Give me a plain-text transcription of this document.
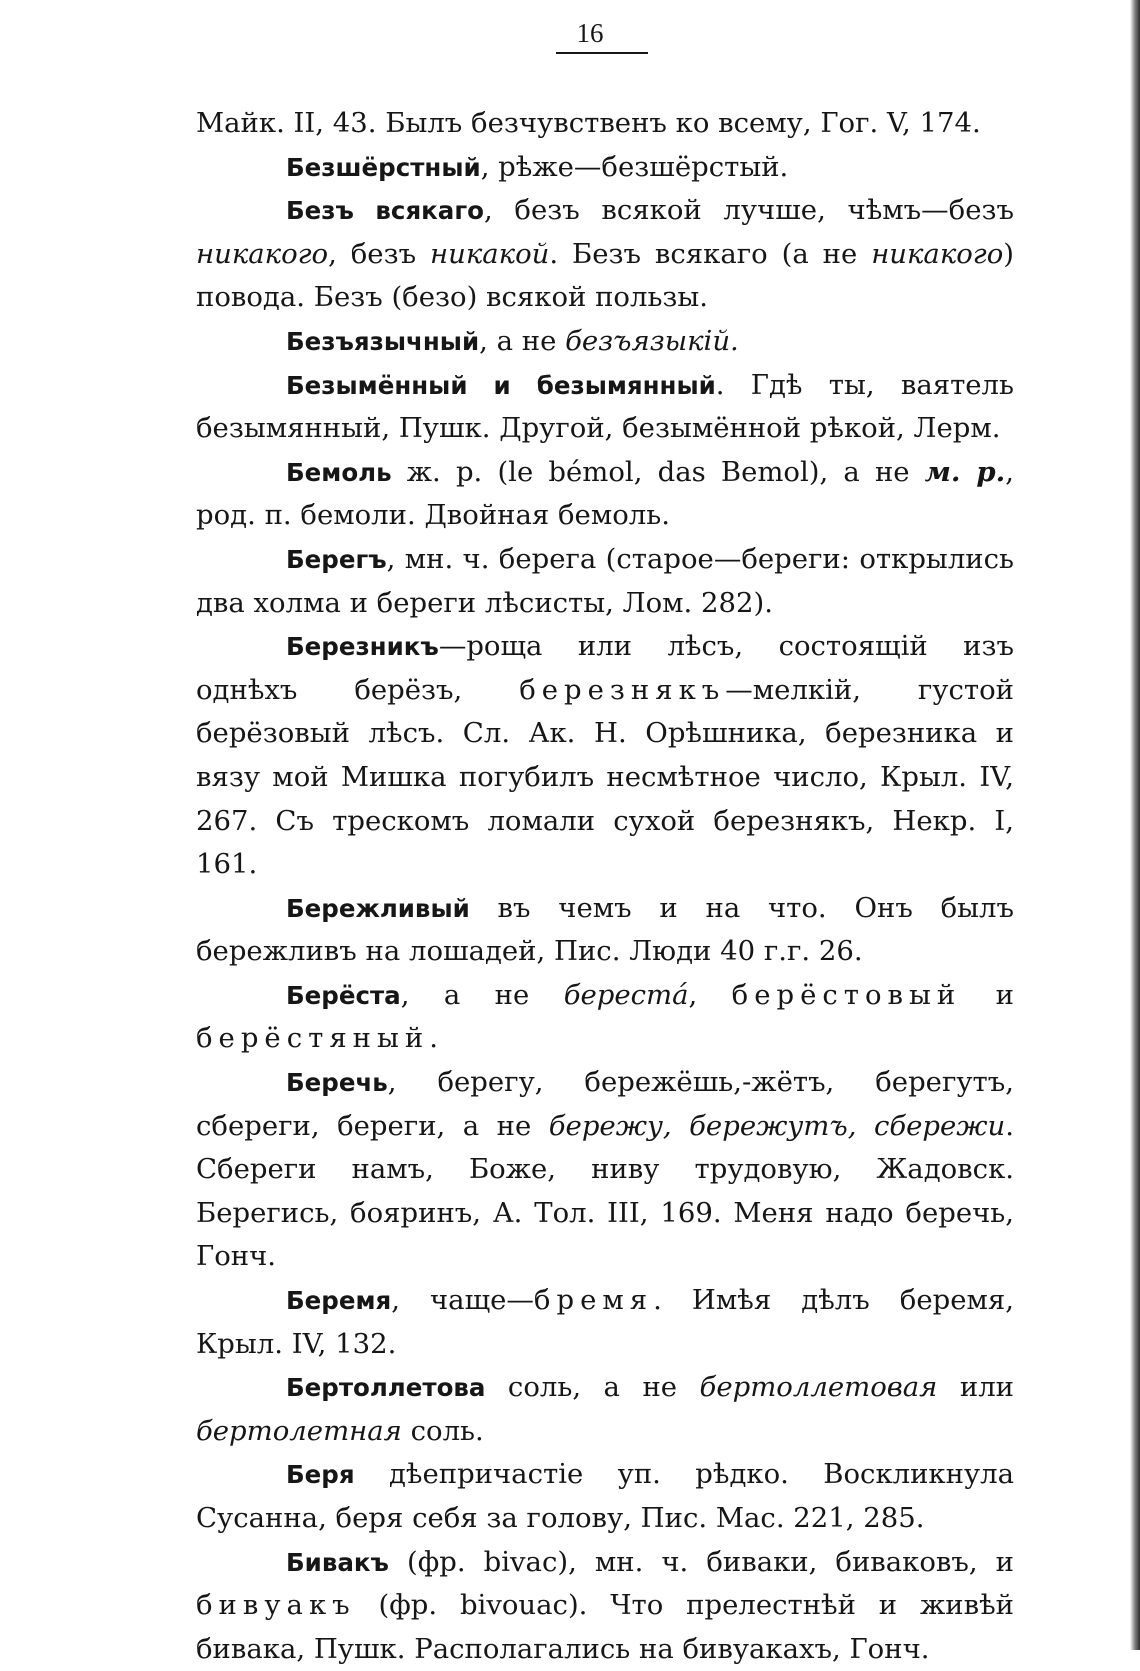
16

Майк. II, 43. Былъ безчувственъ ко всему, Гог. V, 174.

Безшёрстный, рѣже—безшёрстый.

Безъ всякаго, безъ всякой лучше, чѣмъ—безъ никакого, безъ никакой. Безъ всякаго (а не никакого) повода. Безъ (безо) всякой пользы.

Безъязычный, а не безъязыкій.

Безымённый и безымянный. Гдѣ ты, ваятель безымянный, Пушк. Другой, безымённой рѣкой, Лерм.

Бемоль ж. р. (le bémol, das Bemol), а не м. р., род. п. бемоли. Двойная бемоль.

Берегъ, мн. ч. берега (старое—береги: открылись два холма и береги лѣсисты, Лом. 282).

Березникъ—роща или лѣсъ, состоящій изъ однѣхъ берёзъ, березнякъ—мелкій, густой берёзовый лѣсъ. Сл. Ак. Н. Орѣшника, березника и вязу мой Мишка погубилъ несмѣтное число, Крыл. IV, 267. Съ трескомъ ломали сухой березнякъ, Некр. I, 161.

Бережливый въ чемъ и на что. Онъ былъ бережливъ на лошадей, Пис. Люди 40 г.г. 26.

Берёста, а не береста́, берёстовый и берёстяный.

Беречь, берегу, бережёшь,-жётъ, берегутъ, сбереги, береги, а не бережу, бережутъ, сбережи. Сбереги намъ, Боже, ниву трудовую, Жадовск. Берегись, бояринъ, А. Тол. III, 169. Меня надо беречь, Гонч.

Беремя, чаще—бремя. Имѣя дѣлъ беремя, Крыл. IV, 132.

Бертоллетова соль, а не бертоллетовая или бертолетная соль.

Беря дѣепричастіе уп. рѣдко. Воскликнула Сусанна, беря себя за голову, Пис. Мас. 221, 285.

Бивакъ (фр. bivac), мн. ч. биваки, биваковъ, и бивуакъ (фр. bivouac). Что прелестнѣй и живѣй бивака, Пушк. Располагались на бивуакахъ, Гонч.
